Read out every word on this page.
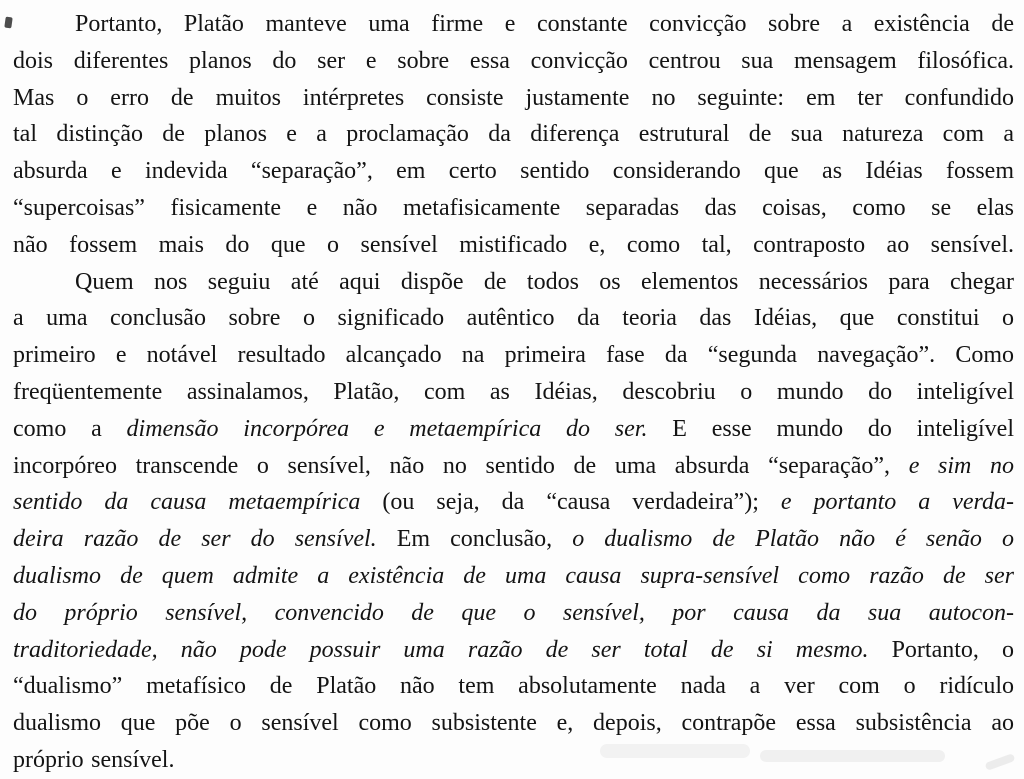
Portanto, Platão manteve uma firme e constante convicção sobre a existência de
dois diferentes planos do ser e sobre essa convicção centrou sua mensagem filosófica.
Mas o erro de muitos intérpretes consiste justamente no seguinte: em ter confundido
tal distinção de planos e a proclamação da diferença estrutural de sua natureza com a
absurda e indevida “separação”, em certo sentido considerando que as Idéias fossem
“supercoisas” fisicamente e não metafisicamente separadas das coisas, como se elas
não fossem mais do que o sensível mistificado e, como tal, contraposto ao sensível.
Quem nos seguiu até aqui dispõe de todos os elementos necessários para chegar
a uma conclusão sobre o significado autêntico da teoria das Idéias, que constitui o
primeiro e notável resultado alcançado na primeira fase da “segunda navegação”. Como
freqüentemente assinalamos, Platão, com as Idéias, descobriu o mundo do inteligível
como a dimensão incorpórea e metaempírica do ser. E esse mundo do inteligível
incorpóreo transcende o sensível, não no sentido de uma absurda “separação”, e sim no
sentido da causa metaempírica (ou seja, da “causa verdadeira”); e portanto a verda-
deira razão de ser do sensível. Em conclusão, o dualismo de Platão não é senão o
dualismo de quem admite a existência de uma causa supra-sensível como razão de ser
do próprio sensível, convencido de que o sensível, por causa da sua autocon-
traditoriedade, não pode possuir uma razão de ser total de si mesmo. Portanto, o
“dualismo” metafísico de Platão não tem absolutamente nada a ver com o ridículo
dualismo que põe o sensível como subsistente e, depois, contrapõe essa subsistência ao
próprio sensível.
